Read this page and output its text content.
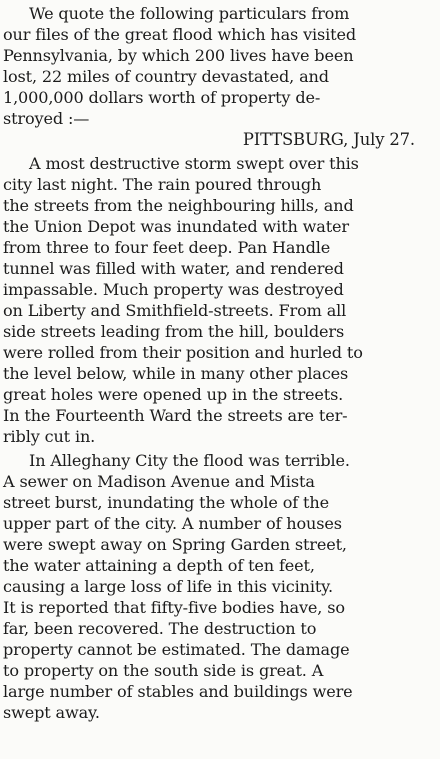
We quote the following particulars from
our files of the great flood which has visited
Pennsylvania, by which 200 lives have been
lost, 22 miles of country devastated, and
1,000,000 dollars worth of property de-
stroyed :—
PITTSBURG, July 27.
A most destructive storm swept over this
city last night. The rain poured through
the streets from the neighbouring hills, and
the Union Depot was inundated with water
from three to four feet deep. Pan Handle
tunnel was filled with water, and rendered
impassable. Much property was destroyed
on Liberty and Smithfield-streets. From all
side streets leading from the hill, boulders
were rolled from their position and hurled to
the level below, while in many other places
great holes were opened up in the streets.
In the Fourteenth Ward the streets are ter-
ribly cut in.
In Alleghany City the flood was terrible.
A sewer on Madison Avenue and Mista
street burst, inundating the whole of the
upper part of the city. A number of houses
were swept away on Spring Garden street,
the water attaining a depth of ten feet,
causing a large loss of life in this vicinity.
It is reported that fifty-five bodies have, so
far, been recovered. The destruction to
property cannot be estimated. The damage
to property on the south side is great. A
large number of stables and buildings were
swept away.
